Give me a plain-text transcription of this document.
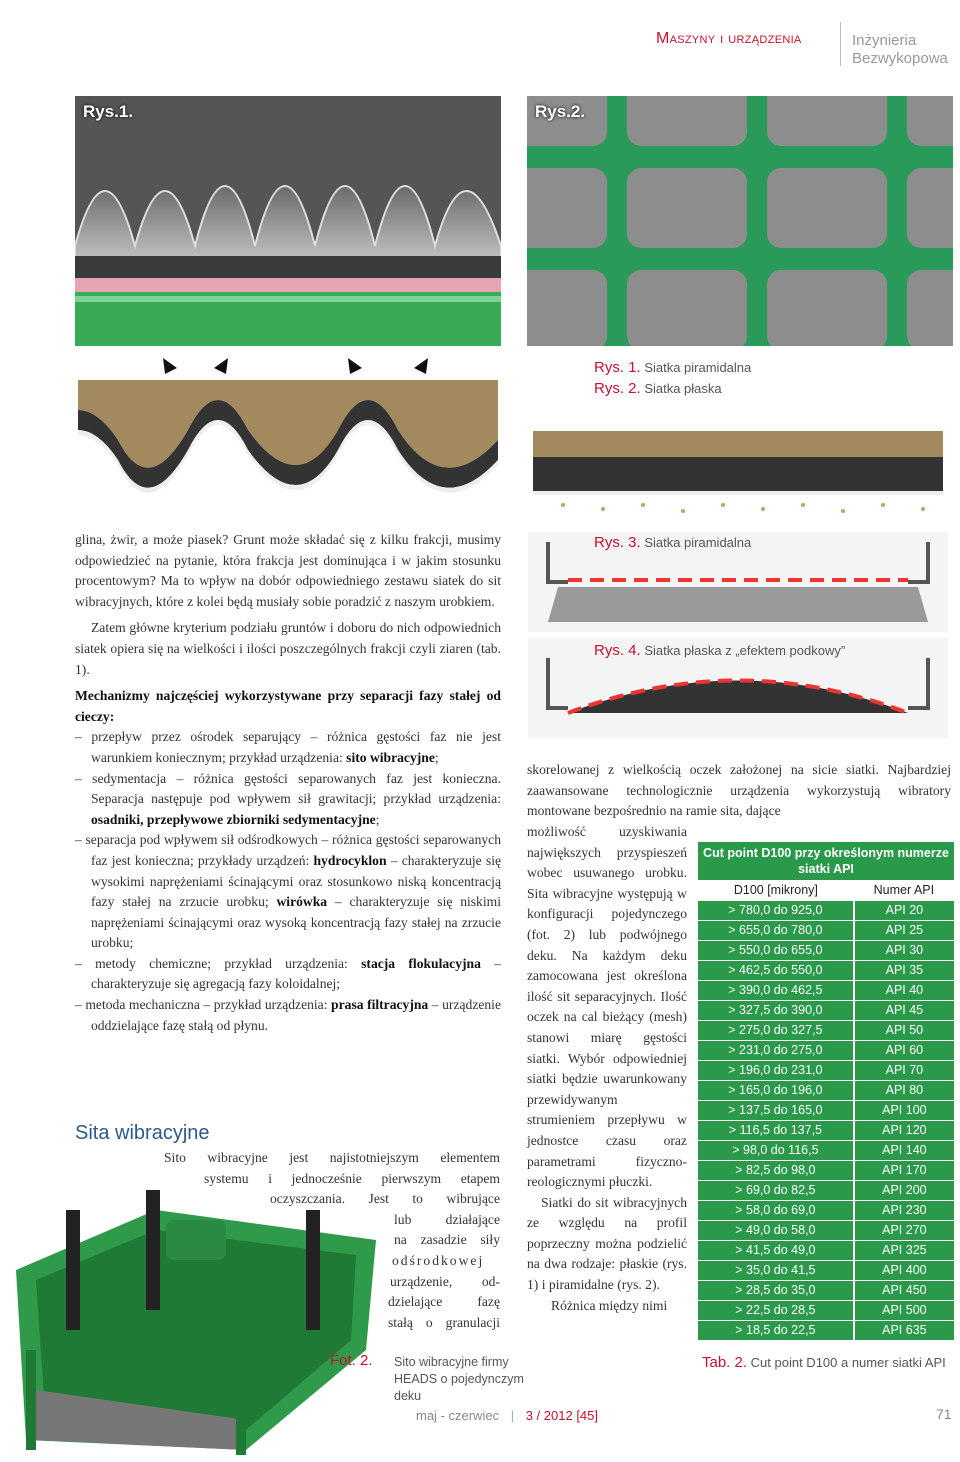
Maszyny i urządzenia	Inżynieria Bezwykopowa
Rys.1.	Rys.2.
Rys. 1. Siatka piramidalna
Rys. 2. Siatka płaska
Rys. 3. Siatka piramidalna
Rys. 4. Siatka płaska z „efektem podkowy”

glina, żwir, a może piasek? Grunt może składać się z kilku frakcji, musimy odpowiedzieć na pytanie, która frakcja jest dominująca i w jakim stosunku procentowym? Ma to wpływ na dobór odpowiedniego zestawu siatek do sit wibracyjnych, które z kolei będą musiały sobie poradzić z naszym urobkiem.

Zatem główne kryterium podziału gruntów i doboru do nich odpowiednich siatek opiera się na wielkości i ilości poszczególnych frakcji czyli ziaren (tab. 1).

Mechanizmy najczęściej wykorzystywane przy separacji fazy stałej od cieczy:

– przepływ przez ośrodek separujący – różnica gęstości faz nie jest warunkiem koniecznym; przykład urządzenia: sito wibracyjne;
– sedymentacja – różnica gęstości separowanych faz jest konieczna. Separacja następuje pod wpływem sił grawitacji; przykład urządzenia: osadniki, przepływowe zbiorniki sedymentacyjne;
– separacja pod wpływem sił odśrodkowych – różnica gęstości separowanych faz jest konieczna; przykłady urządzeń: hydrocyklon – charakteryzuje się wysokimi naprężeniami ścinającymi oraz stosunkowo niską koncentracją fazy stałej na zrzucie urobku; wirówka – charakteryzuje się niskimi naprężeniami ścinającymi oraz wysoką koncentracją fazy stałej na zrzucie urobku;
– metody chemiczne; przykład urządzenia: stacja flokulacyjna – charakteryzuje się agregacją fazy koloidalnej;
– metoda mechaniczna – przykład urządzenia: prasa filtracyjna – urządzenie oddzielające fazę stałą od płynu.
Sita wibracyjne
Sito wibracyjne jest najistotniejszym elementem
systemu i jednocześnie pierwszym etapem
oczyszczania. Jest to wibrujące
lub działające
na zasadzie siły
odśrodkowej
urządzenie, od-
dzielające fazę
stałą o granulacji
Fot. 2. Sito wibracyjne firmy HEADS o pojedynczym deku
skorelowanej z wielkością oczek założonej na sicie siatki. Najbardziej zaawansowane technologicznie urządzenia wykorzystują wibratory montowane bezpośrednio na ramie sita, dające
możliwość uzyskiwania największych przyspieszeń wobec usuwanego urobku. Sita wibracyjne występują w konfiguracji pojedynczego (fot. 2) lub podwójnego deku. Na każdym deku zamocowana jest określona ilość sit separacyjnych. Ilość oczek na cal bieżący (mesh) stanowi miarę gęstości siatki. Wybór odpowiedniej siatki będzie uwarunkowany przewidywanym strumieniem przepływu w jednostce czasu oraz parametrami fizyczno-reologicznymi płuczki.
Siatki do sit wibracyjnych ze względu na profil poprzeczny można podzielić na dwa rodzaje: płaskie (rys. 1) i piramidalne (rys. 2).
Różnica między nimi
Cut point D100 przy określonym numerze siatki API	
D100 [mikrony]	Numer API
> 780,0 do 925,0	API 20
> 655,0 do 780,0	API 25
> 550,0 do 655,0	API 30
> 462,5 do 550,0	API 35
> 390,0 do 462,5	API 40
> 327,5 do 390,0	API 45
> 275,0 do 327,5	API 50
> 231,0 do 275,0	API 60
> 196,0 do 231,0	API 70
> 165,0 do 196,0	API 80
> 137,5 do 165,0	API 100
> 116,5 do 137,5	API 120
> 98,0 do 116,5	API 140
> 82,5 do 98,0	API 170
> 69,0 do 82,5	API 200
> 58,0 do 69,0	API 230
> 49,0 do 58,0	API 270
> 41,5 do 49,0	API 325
> 35,0 do 41,5	API 400
> 28,5 do 35,0	API 450
> 22,5 do 28,5	API 500
> 18,5 do 22,5	API 635
Tab. 2. Cut point D100 a numer siatki API
maj - czerwiec | 3 / 2012 [45]	71
